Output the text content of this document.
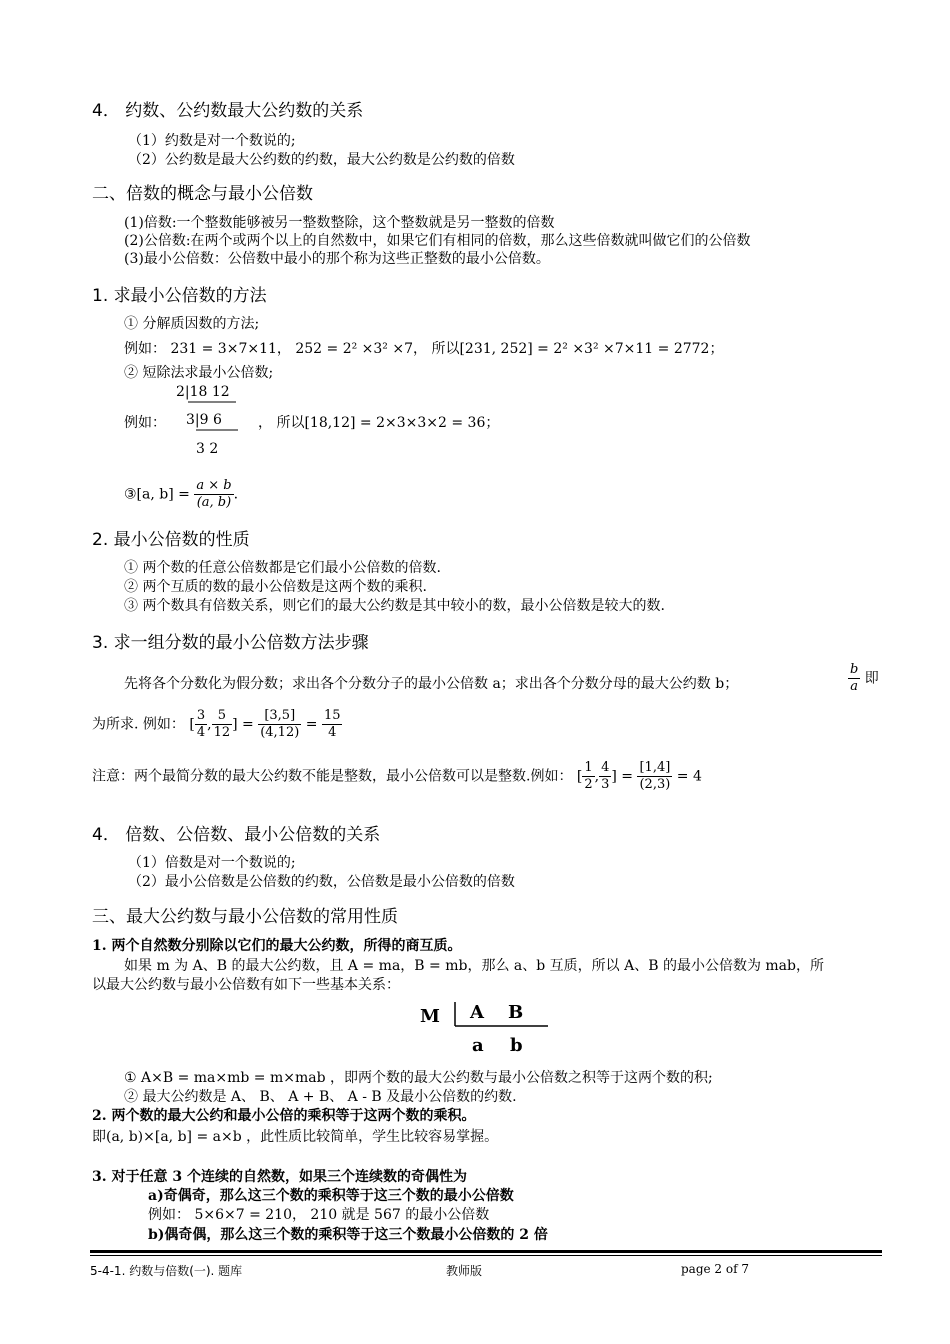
4． 约数、公约数最大公约数的关系
（1）约数是对一个数说的;
（2）公约数是最大公约数的约数，最大公约数是公约数的倍数
二、倍数的概念与最小公倍数
(1)倍数:一个整数能够被另一整数整除，这个整数就是另一整数的倍数
(2)公倍数:在两个或两个以上的自然数中，如果它们有相同的倍数，那么这些倍数就叫做它们的公倍数
(3)最小公倍数：公倍数中最小的那个称为这些正整数的最小公倍数。
1. 求最小公倍数的方法
① 分解质因数的方法;
例如： 231 = 3×7×11， 252 = 2² ×3² ×7， 所以[231, 252] = 2² ×3² ×7×11 = 2772；
② 短除法求最小公倍数;
2|18 12
例如： 3|9 6	， 所以[18,12] = 2×3×3×2 = 36；
3 2
③[a, $b] = \frac{a \times b}{(a, b)}$ .
2. 最小公倍数的性质
① 两个数的任意公倍数都是它们最小公倍数的倍数.
② 两个互质的数的最小公倍数是这两个数的乘积.
③ 两个数具有倍数关系，则它们的最大公约数是其中较小的数，最小公倍数是较大的数.
3. 求一组分数的最小公倍数方法步骤
先将各个分数化为假分数；求出各个分数分子的最小公倍数 a；求出各个分数分母的最大公约数 b；	$\frac{b}{a}$ 即
为所求. 例如： [ $\frac{3}{4}$ , $\frac{5}{12}$ ] = $\frac{[3,5]}{(4,12)} = \frac{15}{4}$
注意：两个最简分数的最大公约数不能是整数，最小公倍数可以是整数.例如： [ $\frac{1}{2}$ , $\frac{4}{3}$ ] = $\frac{[1,4]}{(2,3)} = 4$
4． 倍数、公倍数、最小公倍数的关系
（1）倍数是对一个数说的;
（2）最小公倍数是公倍数的约数，公倍数是最小公倍数的倍数
三、最大公约数与最小公倍数的常用性质
1. 两个自然数分别除以它们的最大公约数，所得的商互质。
如果 m 为 A、B 的最大公约数，且 A = ma，B = mb，那么 a、b 互质，所以 A、B 的最小公倍数为 mab，所
以最大公约数与最小公倍数有如下一些基本关系：
M A B
a b
① A×B = ma×mb = m×mab ，即两个数的最大公约数与最小公倍数之积等于这两个数的积;
② 最大公约数是 A、 B、 A + B、 A - B 及最小公倍数的约数.
2. 两个数的最大公约和最小公倍的乘积等于这两个数的乘积。
即(a, b)×[a, b] = a×b ，此性质比较简单，学生比较容易掌握。
3. 对于任意 3 个连续的自然数，如果三个连续数的奇偶性为
a)奇偶奇，那么这三个数的乘积等于这三个数的最小公倍数
例如： 5×6×7 = 210， 210 就是 567 的最小公倍数
b)偶奇偶，那么这三个数的乘积等于这三个数最小公倍数的 2 倍
5-4-1. 约数与倍数(一). 题库	教师版	page 2 of 7
